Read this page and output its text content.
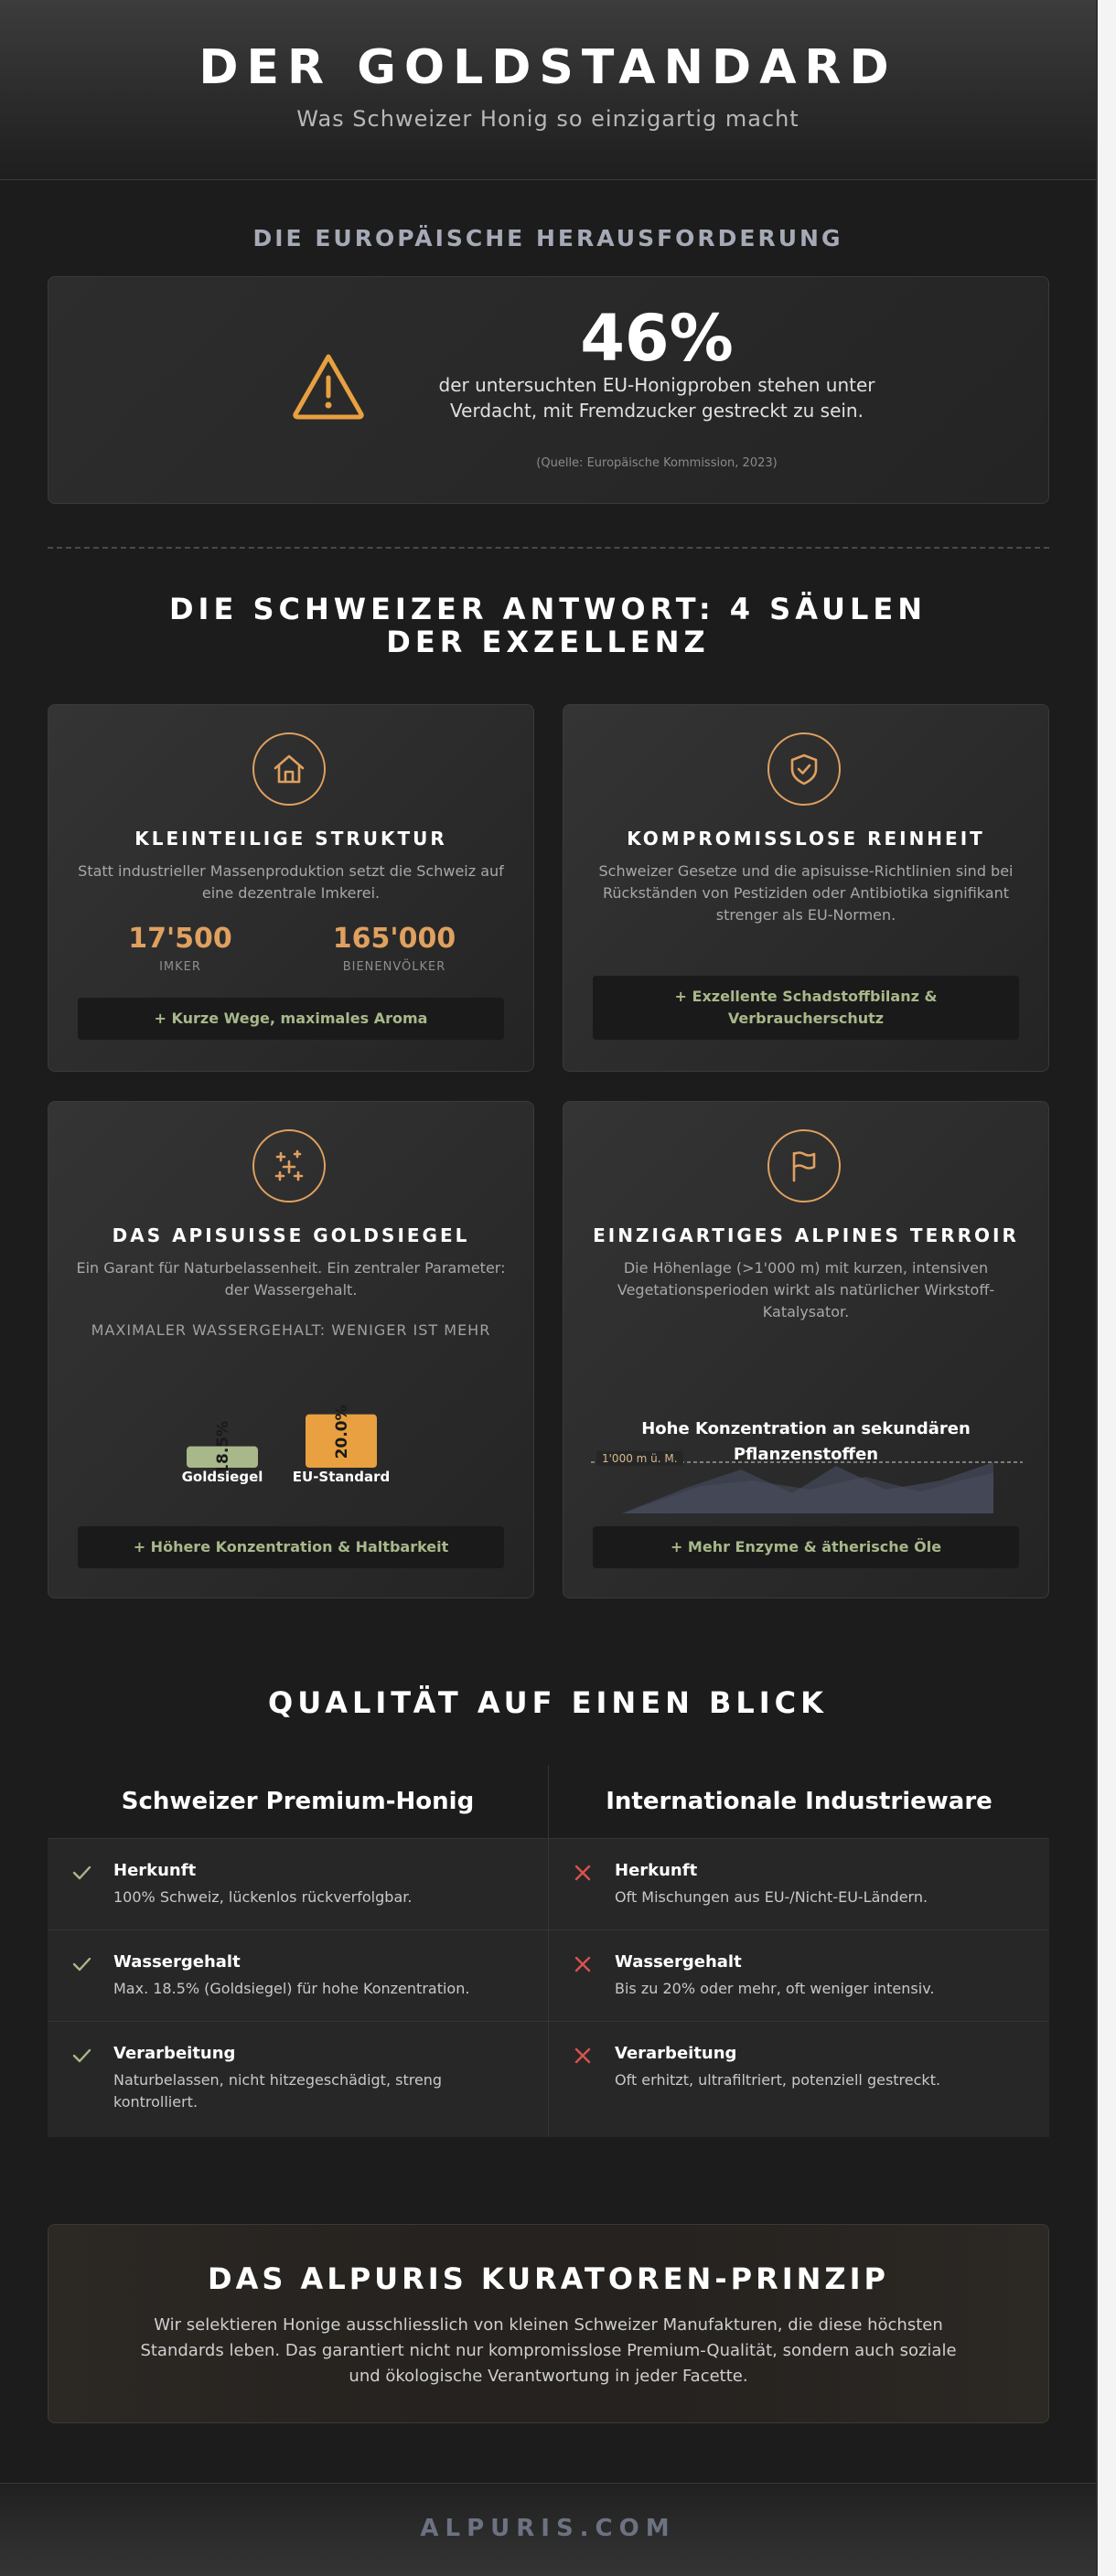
DER GOLDSTANDARD
Was Schweizer Honig so einzigartig macht
DIE EUROPÄISCHE HERAUSFORDERUNG
46%
der untersuchten EU-Honigproben stehen unter Verdacht, mit Fremdzucker gestreckt zu sein.
(Quelle: Europäische Kommission, 2023)
DIE SCHWEIZER ANTWORT: 4 SÄULEN DER EXZELLENZ
KLEINTEILIGE STRUKTUR
Statt industrieller Massenproduktion setzt die Schweiz auf eine dezentrale Imkerei.
17'500
IMKER
165'000
BIENENVÖLKER
+ Kurze Wege, maximales Aroma
KOMPROMISSLOSE REINHEIT
Schweizer Gesetze und die apisuisse-Richtlinien sind bei Rückständen von Pestiziden oder Antibiotika signifikant strenger als EU-Normen.
+ Exzellente Schadstoffbilanz & Verbraucherschutz
DAS APISUISSE GOLDSIEGEL
Ein Garant für Naturbelassenheit. Ein zentraler Parameter: der Wassergehalt.
MAXIMALER WASSERGEHALT: WENIGER IST MEHR
18.5%
Goldsiegel
20.0%
EU-Standard
+ Höhere Konzentration & Haltbarkeit
EINZIGARTIGES ALPINES TERROIR
Die Höhenlage (>1'000 m) mit kurzen, intensiven Vegetationsperioden wirkt als natürlicher Wirkstoff-Katalysator.
1'000 m ü. M.
Hohe Konzentration an sekundären Pflanzenstoffen
+ Mehr Enzyme & ätherische Öle
QUALITÄT AUF EINEN BLICK
Schweizer Premium-Honig	Internationale Industrieware
Herkunft
100% Schweiz, lückenlos rückverfolgbar.
Herkunft
Oft Mischungen aus EU-/Nicht-EU-Ländern.
Wassergehalt
Max. 18.5% (Goldsiegel) für hohe Konzentration.
Wassergehalt
Bis zu 20% oder mehr, oft weniger intensiv.
Verarbeitung
Naturbelassen, nicht hitzegeschädigt, streng kontrolliert.
Verarbeitung
Oft erhitzt, ultrafiltriert, potenziell gestreckt.
DAS ALPURIS KURATOREN-PRINZIP
Wir selektieren Honige ausschliesslich von kleinen Schweizer Manufakturen, die diese höchsten Standards leben. Das garantiert nicht nur kompromisslose Premium-Qualität, sondern auch soziale und ökologische Verantwortung in jeder Facette.
ALPURIS.COM
